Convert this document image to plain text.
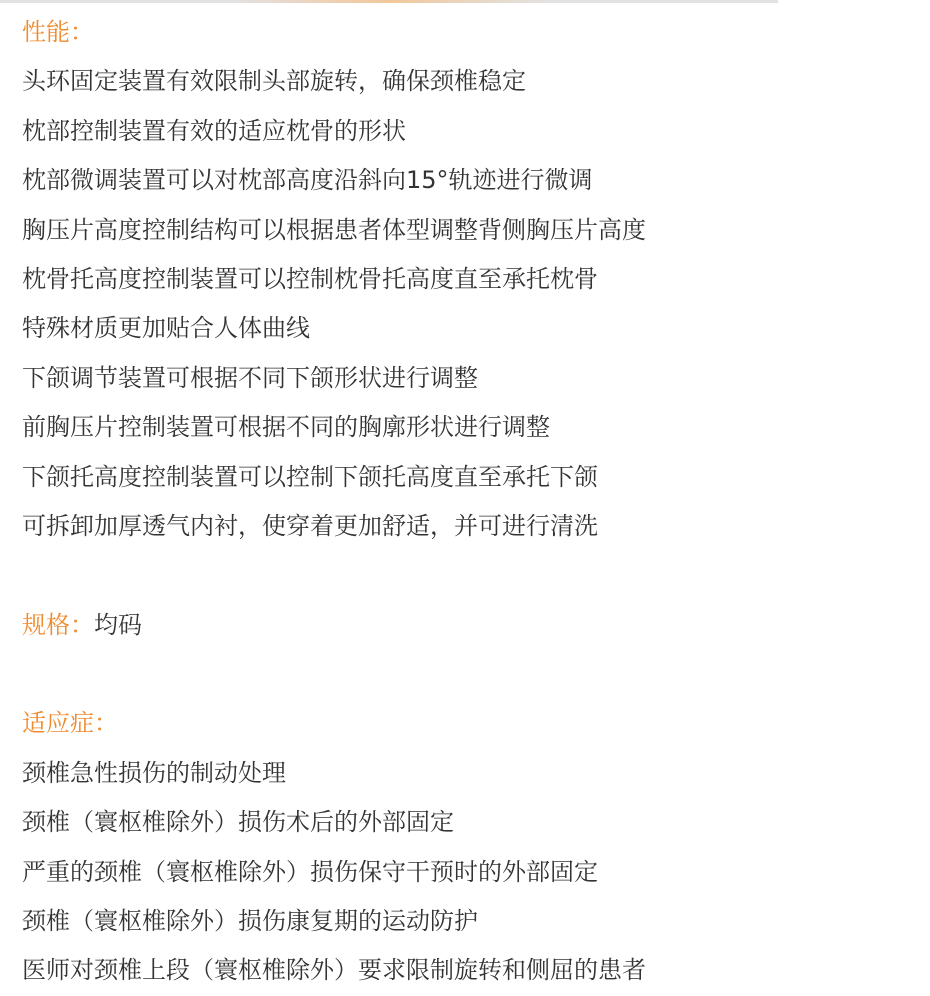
性能：
头环固定装置有效限制头部旋转，确保颈椎稳定
枕部控制装置有效的适应枕骨的形状
枕部微调装置可以对枕部高度沿斜向15°轨迹进行微调
胸压片高度控制结构可以根据患者体型调整背侧胸压片高度
枕骨托高度控制装置可以控制枕骨托高度直至承托枕骨
特殊材质更加贴合人体曲线
下颌调节装置可根据不同下颌形状进行调整
前胸压片控制装置可根据不同的胸廓形状进行调整
下颌托高度控制装置可以控制下颌托高度直至承托下颌
可拆卸加厚透气内衬，使穿着更加舒适，并可进行清洗
规格：均码
适应症：
颈椎急性损伤的制动处理
颈椎（寰枢椎除外）损伤术后的外部固定
严重的颈椎（寰枢椎除外）损伤保守干预时的外部固定
颈椎（寰枢椎除外）损伤康复期的运动防护
医师对颈椎上段（寰枢椎除外）要求限制旋转和侧屈的患者
